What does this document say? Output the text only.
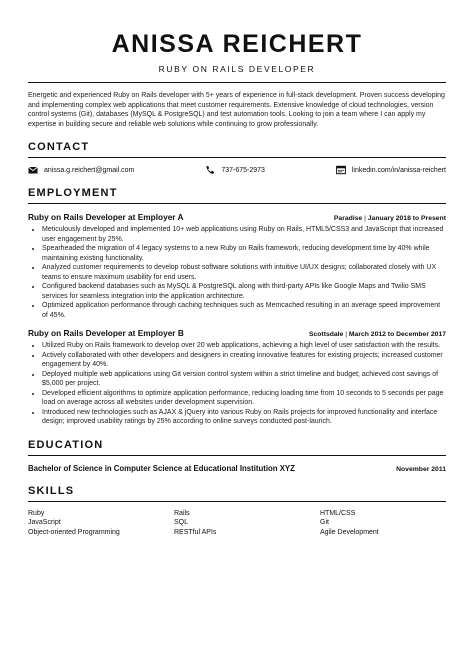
ANISSA REICHERT
RUBY ON RAILS DEVELOPER
Energetic and experienced Ruby on Rails developer with 5+ years of experience in full-stack development. Proven success developing and implementing complex web applications that meet customer requirements. Extensive knowledge of cloud technologies, version control systems (Git), databases (MySQL & PostgreSQL) and test automation tools. Looking to join a team where I can apply my expertise in building secure and reliable web solutions while continuing to grow professionally.
CONTACT
anissa.g.reichert@gmail.com	737-675-2973	linkedin.com/in/anissa-reichert
EMPLOYMENT
Ruby on Rails Developer at Employer A	Paradise | January 2018 to Present
• Meticulously developed and implemented 10+ web applications using Ruby on Rails, HTML5/CSS3 and JavaScript that increased user engagement by 25%.
• Spearheaded the migration of 4 legacy systems to a new Ruby on Rails framework, reducing development time by 40% while maintaining existing functionality.
• Analyzed customer requirements to develop robust software solutions with intuitive UI/UX designs; collaborated closely with UX teams to ensure maximum usability for end users.
• Configured backend databases such as MySQL & PostgreSQL along with third-party APIs like Google Maps and Twilio SMS services for seamless integration into the application architecture.
• Optimized application performance through caching techniques such as Memcached resulting in an average speed improvement of 45%.
Ruby on Rails Developer at Employer B	Scottsdale | March 2012 to December 2017
• Utilized Ruby on Rails framework to develop over 20 web applications, achieving a high level of user satisfaction with the results.
• Actively collaborated with other developers and designers in creating innovative features for existing projects; increased customer engagement by 40%.
• Deployed multiple web applications using Git version control system within a strict timeline and budget; achieved cost savings of $5,000 per project.
• Developed efficient algorithms to optimize application performance, reducing loading time from 10 seconds to 5 seconds per page load on average across all websites under development supervision.
• Introduced new technologies such as AJAX & jQuery into various Ruby on Rails projects for improved functionality and interface design; improved usability ratings by 25% according to online surveys conducted post-launch.
EDUCATION
Bachelor of Science in Computer Science at Educational Institution XYZ	November 2011
SKILLS
Ruby	Rails	HTML/CSS
JavaScript	SQL	Git
Object-oriented Programming	RESTful APIs	Agile Development
